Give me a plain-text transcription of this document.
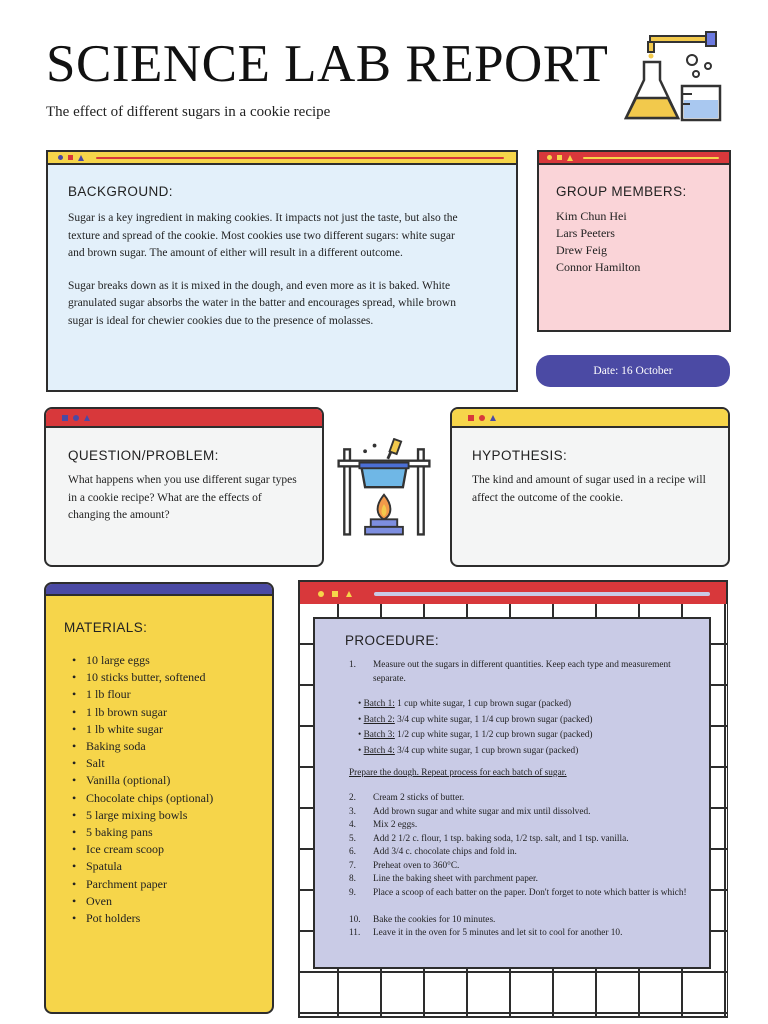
SCIENCE LAB REPORT
The effect of different sugars in a cookie recipe
BACKGROUND:

Sugar is a key ingredient in making cookies. It impacts not just the taste, but also the texture and spread of the cookie. Most cookies use two different sugars: white sugar and brown sugar. The amount of either will result in a different outcome.

Sugar breaks down as it is mixed in the dough, and even more as it is baked. White granulated sugar absorbs the water in the batter and encourages spread, while brown sugar is ideal for chewier cookies due to the presence of molasses.

GROUP MEMBERS:
Kim Chun Hei
Lars Peeters
Drew Feig
Connor Hamilton
Date: 16 October
QUESTION/PROBLEM:
What happens when you use different sugar types in a cookie recipe? What are the effects of changing the amount?
HYPOTHESIS:
The kind and amount of sugar used in a recipe will affect the outcome of the cookie.
MATERIALS:
• 10 large eggs
• 10 sticks butter, softened
• 1 lb flour
• 1 lb brown sugar
• 1 lb white sugar
• Baking soda
• Salt
• Vanilla (optional)
• Chocolate chips (optional)
• 5 large mixing bowls
• 5 baking pans
• Ice cream scoop
• Spatula
• Parchment paper
• Oven
• Pot holders
PROCEDURE:
1. Measure out the sugars in different quantities. Keep each type and measurement separate.
• Batch 1: 1 cup white sugar, 1 cup brown sugar (packed)
• Batch 2: 3/4 cup white sugar, 1 1/4 cup brown sugar (packed)
• Batch 3: 1/2 cup white sugar, 1 1/2 cup brown sugar (packed)
• Batch 4: 3/4 cup white sugar, 1 cup brown sugar (packed)
Prepare the dough. Repeat process for each batch of sugar.
2. Cream 2 sticks of butter.
3. Add brown sugar and white sugar and mix until dissolved.
4. Mix 2 eggs.
5. Add 2 1/2 c. flour, 1 tsp. baking soda, 1/2 tsp. salt, and 1 tsp. vanilla.
6. Add 3/4 c. chocolate chips and fold in.
7. Preheat oven to 360°C.
8. Line the baking sheet with parchment paper.
9. Place a scoop of each batter on the paper. Don't forget to note which batter is which!
10. Bake the cookies for 10 minutes.
11. Leave it in the oven for 5 minutes and let sit to cool for another 10.
